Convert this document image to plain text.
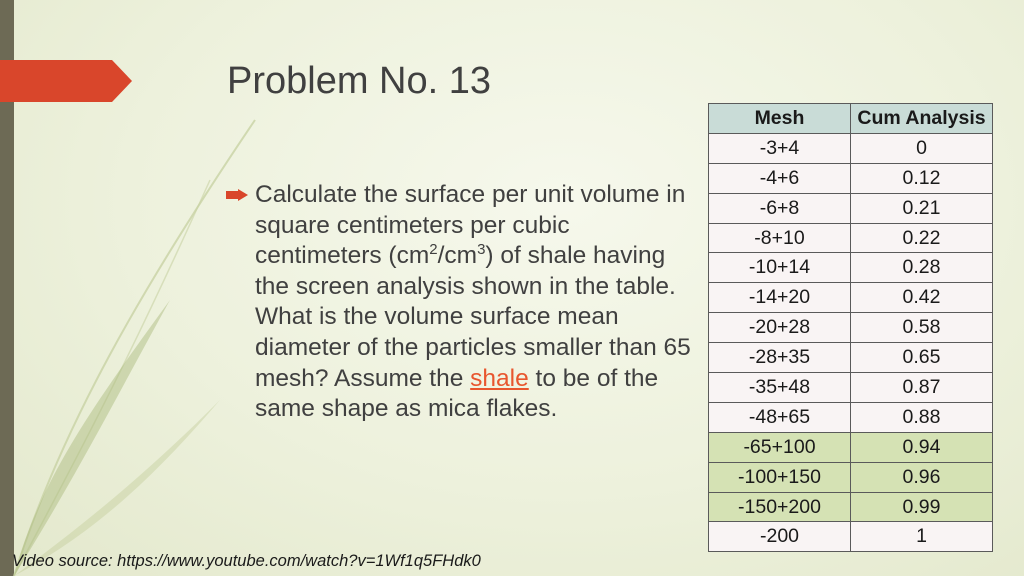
Problem No. 13
Calculate the surface per unit volume in square centimeters per cubic centimeters $(cm^2/cm^3)$ of shale having the screen analysis shown in the table. What is the volume surface mean diameter of the particles smaller than 65 mesh? Assume the shale to be of the same shape as mica flakes.
Mesh	Cum Analysis
-3+4	0
-4+6	0.12
-6+8	0.21
-8+10	0.22
-10+14	0.28
-14+20	0.42
-20+28	0.58
-28+35	0.65
-35+48	0.87
-48+65	0.88
-65+100	0.94
-100+150	0.96
-150+200	0.99
-200	1
Video source: https://www.youtube.com/watch?v=1Wf1q5FHdk0
